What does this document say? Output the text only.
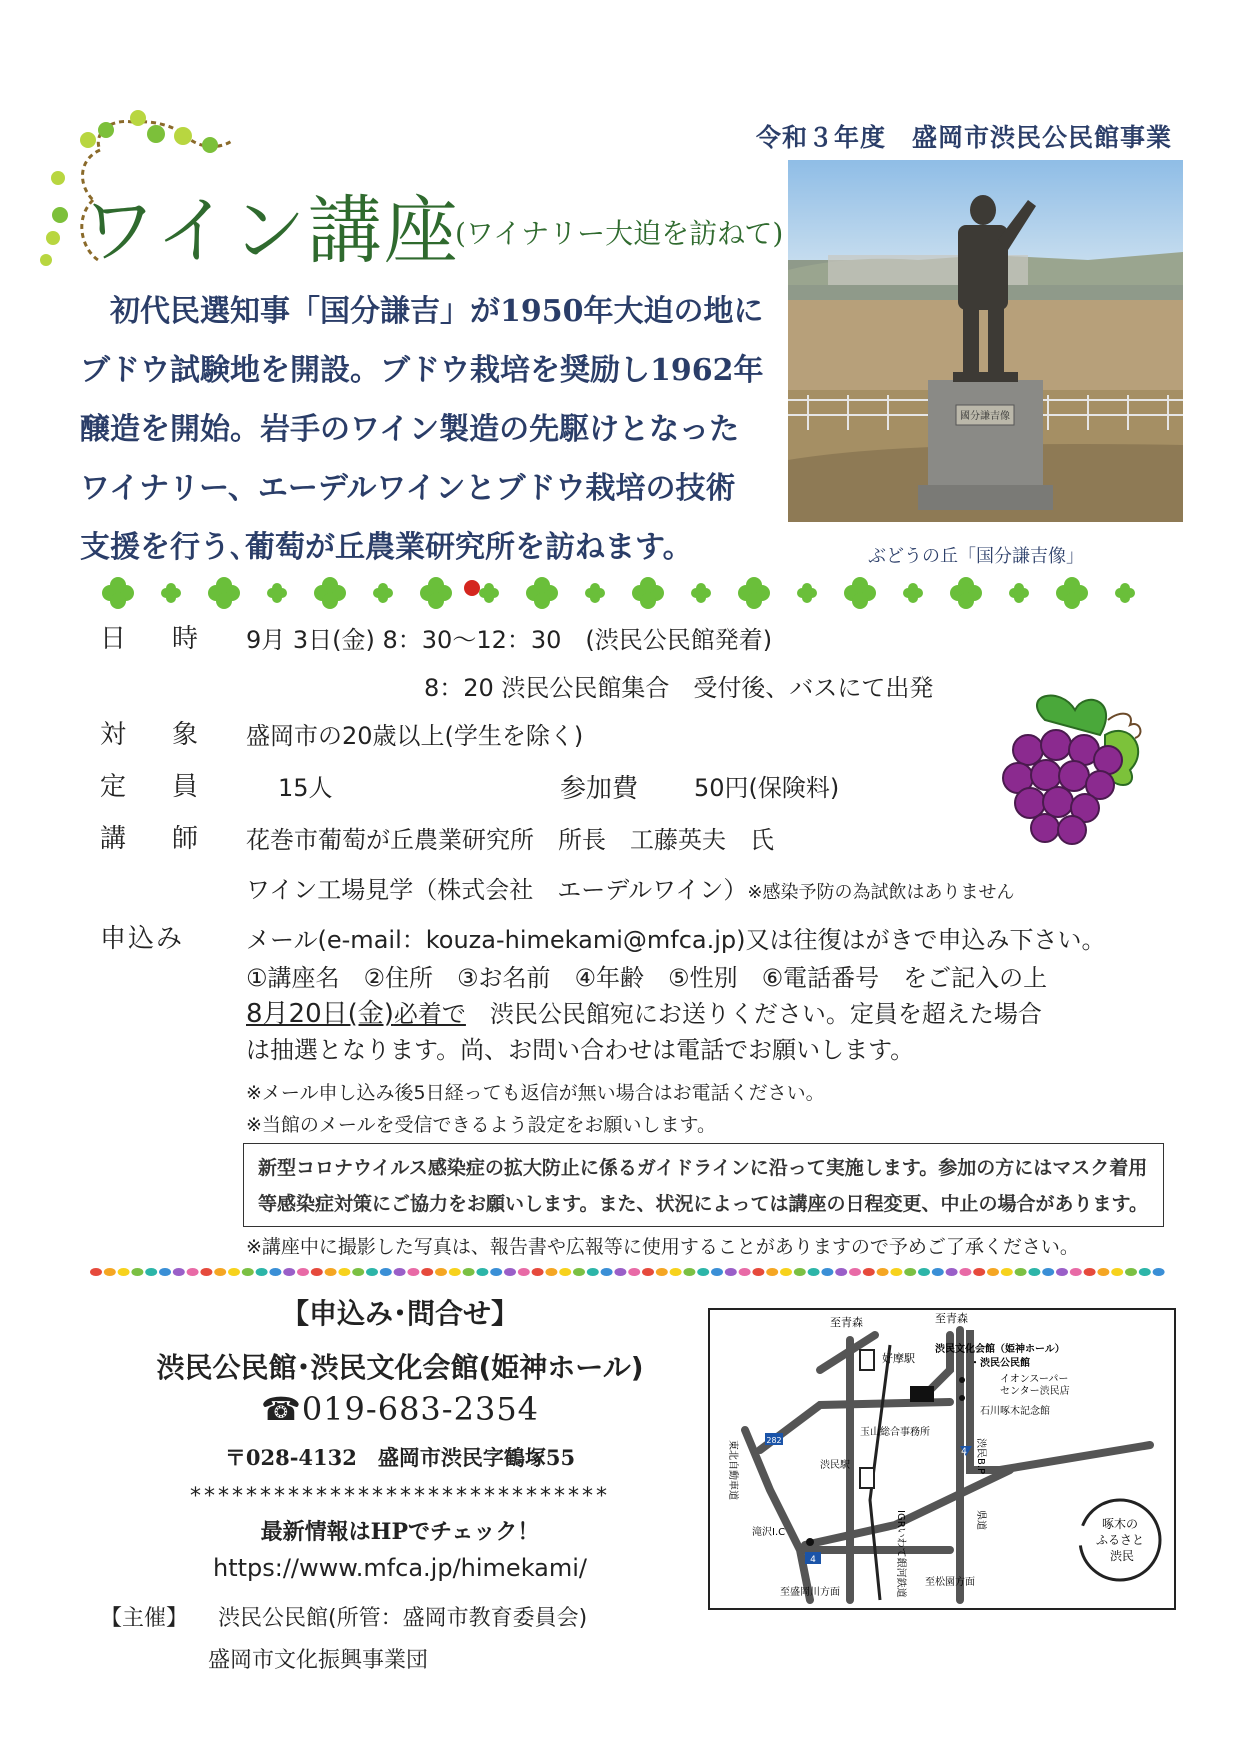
令和３年度　盛岡市渋民公民館事業
ワイン講座
(ワイナリー大迫を訪ねて)
　初代民選知事「国分謙吉」が1950年大迫の地に
ブドウ試験地を開設。ブドウ栽培を奨励し1962年
醸造を開始。岩手のワイン製造の先駆けとなった
ワイナリー、エーデルワインとブドウ栽培の技術
支援を行う､葡萄が丘農業研究所を訪ねます。
國分謙吉像
ぶどうの丘「国分謙吉像」
日　時 9月 3日(金) 8：30～12：30　(渋民公民館発着)
8：20 渋民公民館集合　受付後、バスにて出発
対　象 盛岡市の20歳以上(学生を除く)
定　員	15人	参加費 50円(保険料)
講　師 花巻市葡萄が丘農業研究所　所長　工藤英夫　氏
ワイン工場見学（株式会社　エーデルワイン）※感染予防の為試飲はありません
申込み	メール(e-mail：kouza-himekami@mfca.jp)又は往復はがきで申込み下さい。
①講座名　②住所　③お名前　④年齢　⑤性別　⑥電話番号　をご記入の上
8月20日(金)必着で　渋民公民館宛にお送りください。定員を超えた場合
は抽選となります。尚、お問い合わせは電話でお願いします。
※メール申し込み後5日経っても返信が無い場合はお電話ください。
※当館のメールを受信できるよう設定をお願いします。
新型コロナウイルス感染症の拡大防止に係るガイドラインに沿って実施します。参加の方にはマスク着用
等感染症対策にご協力をお願いします。また、状況によっては講座の日程変更、中止の場合があります。
※講座中に撮影した写真は、報告書や広報等に使用することがありますので予めご了承ください。
【申込み･問合せ】
渋民公民館･渋民文化会館(姫神ホール)
☎019-683-2354
〒028-4132　盛岡市渋民字鶴塚55
******************************
最新情報はHPでチェック！
https://www.mfca.jp/himekami/
【主催】 渋民公民館(所管：盛岡市教育委員会)
盛岡市文化振興事業団
4
4
282
至青森	至青森
好摩駅
渋民文化会館（姫神ホール）
・渋民公民館
イオンスーパー
センター渋民店
石川啄木記念館
玉山総合事務所
渋民B.P
渋民駅
東北自動車道
滝沢I.C	IGRいわて銀河鉄道	県道
至盛岡川方面
至松園方面
啄木の
ふるさと
渋民
